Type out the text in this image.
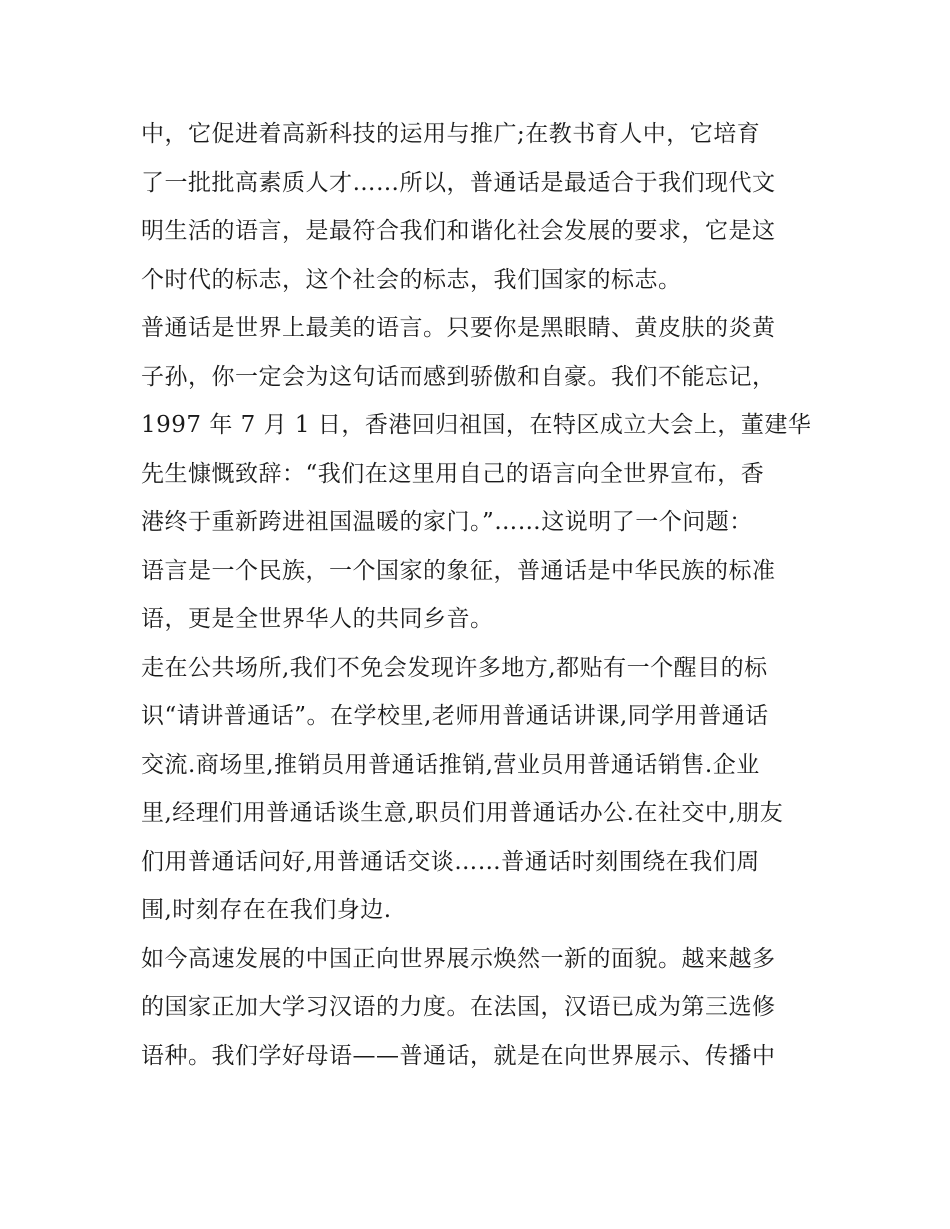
中，它促进着高新科技的运用与推广;在教书育人中，它培育
了一批批高素质人才……所以，普通话是最适合于我们现代文
明生活的语言，是最符合我们和谐化社会发展的要求，它是这
个时代的标志，这个社会的标志，我们国家的标志。
普通话是世界上最美的语言。只要你是黑眼睛、黄皮肤的炎黄
子孙，你一定会为这句话而感到骄傲和自豪。我们不能忘记，
1997 年 7 月 1 日，香港回归祖国，在特区成立大会上，董建华
先生慷慨致辞：“我们在这里用自己的语言向全世界宣布，香
港终于重新跨进祖国温暖的家门。”……这说明了一个问题：
语言是一个民族，一个国家的象征，普通话是中华民族的标准
语，更是全世界华人的共同乡音。
走在公共场所,我们不免会发现许多地方,都贴有一个醒目的标
识“请讲普通话”。在学校里,老师用普通话讲课,同学用普通话
交流.商场里,推销员用普通话推销,营业员用普通话销售.企业
里,经理们用普通话谈生意,职员们用普通话办公.在社交中,朋友
们用普通话问好,用普通话交谈……普通话时刻围绕在我们周
围,时刻存在在我们身边.
如今高速发展的中国正向世界展示焕然一新的面貌。越来越多
的国家正加大学习汉语的力度。在法国，汉语已成为第三选修
语种。我们学好母语——普通话，就是在向世界展示、传播中
